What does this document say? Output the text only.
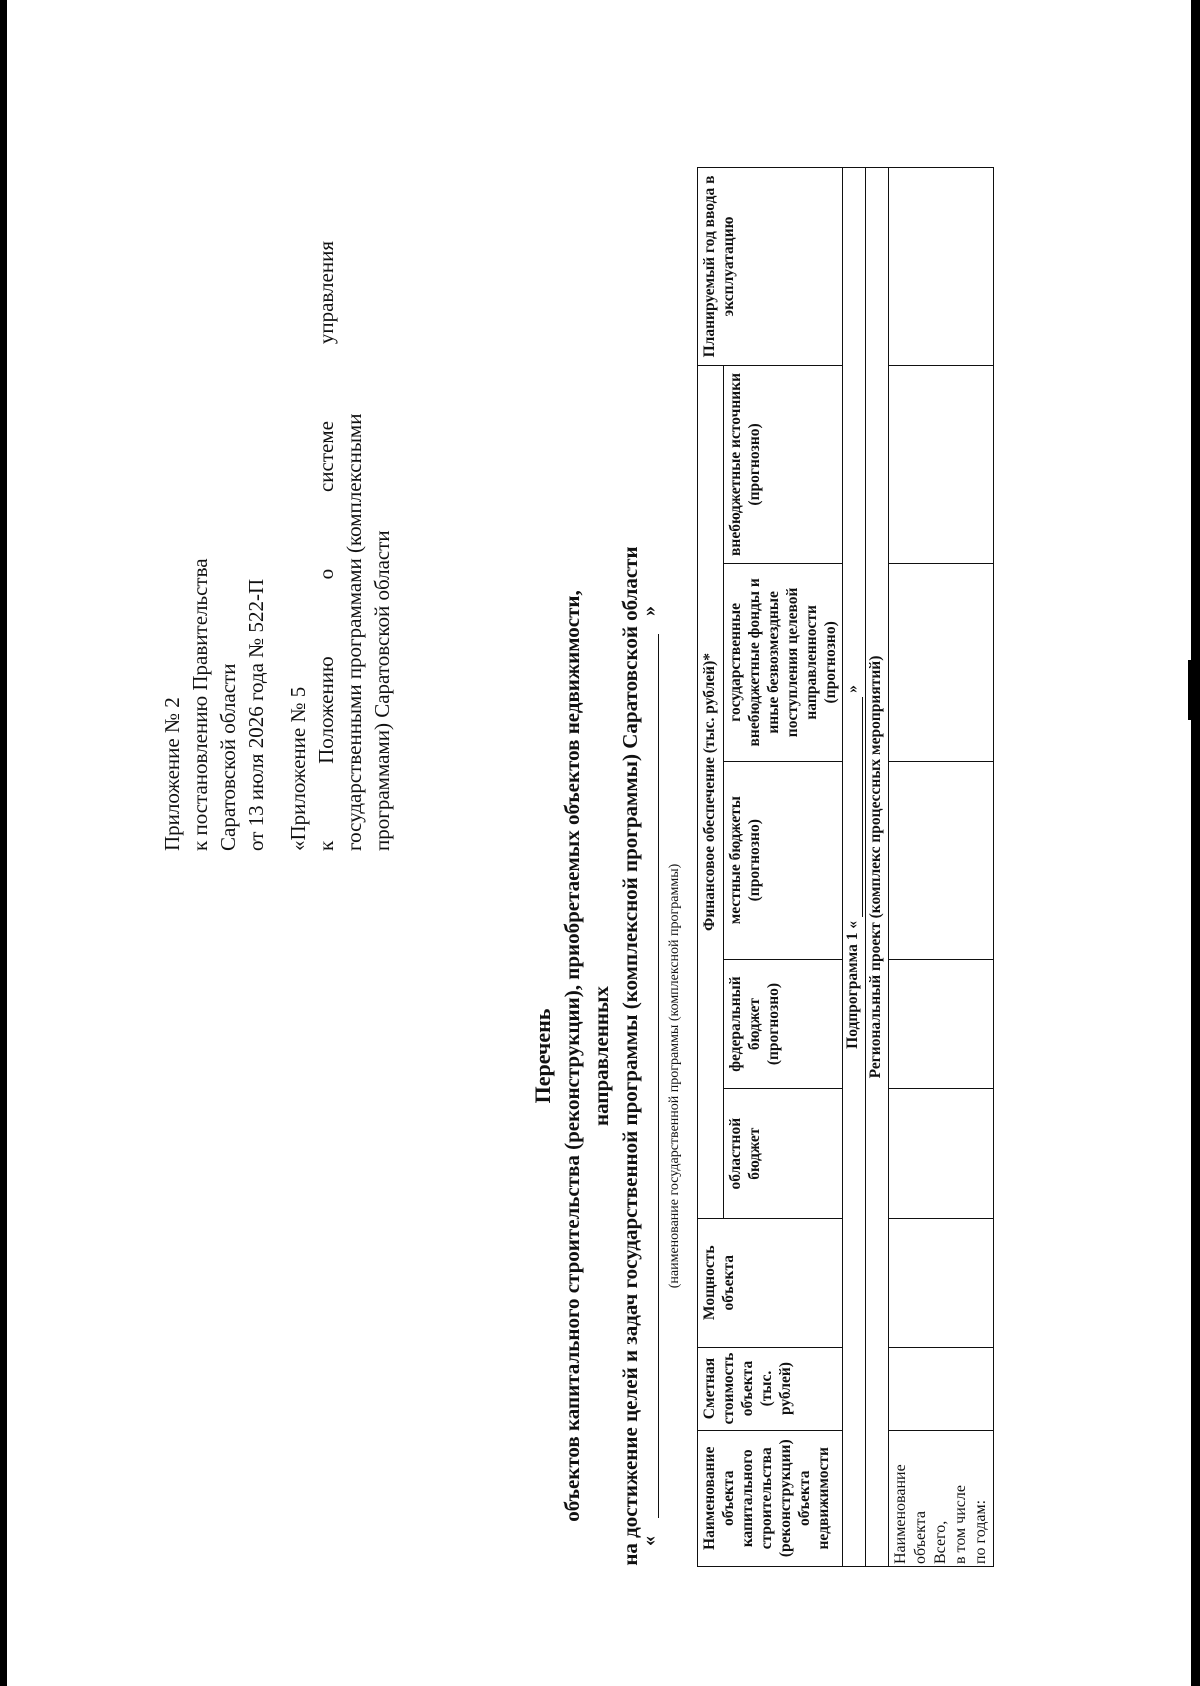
Приложение № 2 к постановлению Правительства Саратовской области от 13 июля 2026 года № 522-П «Приложение № 5 к Положению о системе управления государственными программами (комплексными программами) Саратовской области
Перечень объектов капитального строительства (реконструкции), приобретаемых объектов недвижимости, направленных на достижение целей и задач государственной программы (комплексной программы) Саратовской области
«
»
(наименование государственной программы (комплексной программы)
Наименование объекта капитального строительства (реконструкции) объекта недвижимости	Сметная стоимость объекта (тыс. рублей)	Мощность объекта	Финансовое обеспечение (тыс. рублей)*					Планируемый год ввода в эксплуатацию
			областной бюджет	федеральный бюджет (прогнозно)	местные бюджеты (прогнозно)	государственные внебюджетные фонды и иные безвозмездные поступления целевой направленности (прогнозно)	внебюджетные источники (прогнозно)	
Подпрограмма 1 « »								
Региональный проект (комплекс процессных мероприятий)								

Наименование объекта Всего, в том числе по годам:								
